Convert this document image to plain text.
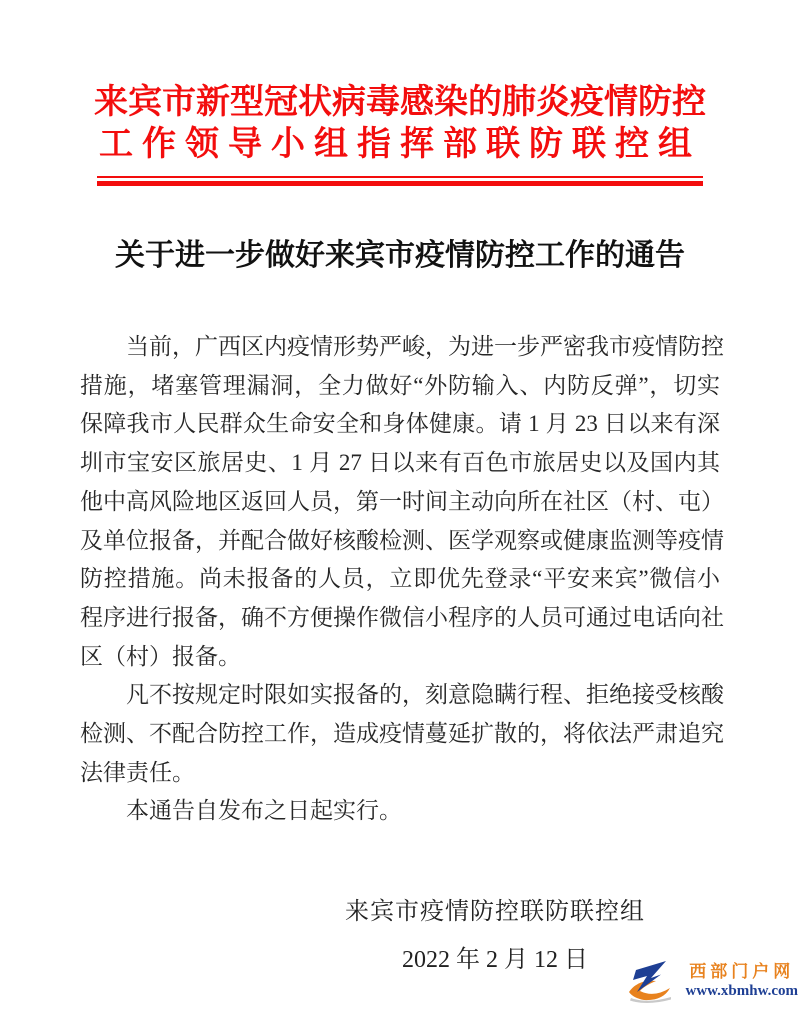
来宾市新型冠状病毒感染的肺炎疫情防控
工作领导小组指挥部联防联控组
关于进一步做好来宾市疫情防控工作的通告
当前，广西区内疫情形势严峻，为进一步严密我市疫情防控
措施，堵塞管理漏洞，全力做好“外防输入、内防反弹”，切实
保障我市人民群众生命安全和身体健康。请 1 月 23 日以来有深
圳市宝安区旅居史、1 月 27 日以来有百色市旅居史以及国内其
他中高风险地区返回人员，第一时间主动向所在社区（村、屯）
及单位报备，并配合做好核酸检测、医学观察或健康监测等疫情
防控措施。尚未报备的人员，立即优先登录“平安来宾”微信小
程序进行报备，确不方便操作微信小程序的人员可通过电话向社
区（村）报备。
凡不按规定时限如实报备的，刻意隐瞒行程、拒绝接受核酸
检测、不配合防控工作，造成疫情蔓延扩散的，将依法严肃追究
法律责任。
本通告自发布之日起实行。
来宾市疫情防控联防联控组
2022 年 2 月 12 日	西部门户网
www.xbmhw.com
